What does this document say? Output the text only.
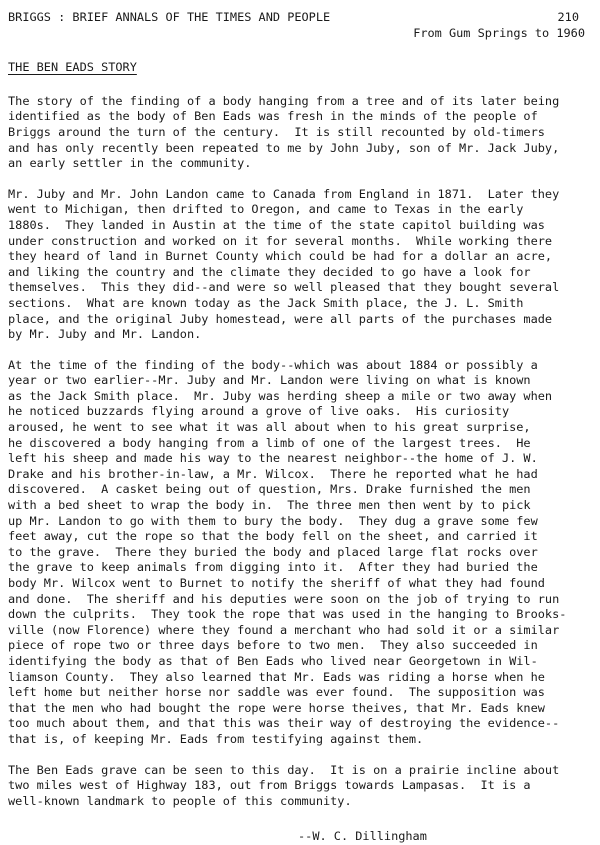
BRIGGS : BRIEF ANNALS OF THE TIMES AND PEOPLE	210
From Gum Springs to 1960
THE BEN EADS STORY
The story of the finding of a body hanging from a tree and of its later being
identified as the body of Ben Eads was fresh in the minds of the people of
Briggs around the turn of the century.  It is still recounted by old-timers
and has only recently been repeated to me by John Juby, son of Mr. Jack Juby,
an early settler in the community.
Mr. Juby and Mr. John Landon came to Canada from England in 1871.  Later they
went to Michigan, then drifted to Oregon, and came to Texas in the early
1880s.  They landed in Austin at the time of the state capitol building was
under construction and worked on it for several months.  While working there
they heard of land in Burnet County which could be had for a dollar an acre,
and liking the country and the climate they decided to go have a look for
themselves.  This they did--and were so well pleased that they bought several
sections.  What are known today as the Jack Smith place, the J. L. Smith
place, and the original Juby homestead, were all parts of the purchases made
by Mr. Juby and Mr. Landon.
At the time of the finding of the body--which was about 1884 or possibly a
year or two earlier--Mr. Juby and Mr. Landon were living on what is known
as the Jack Smith place.  Mr. Juby was herding sheep a mile or two away when
he noticed buzzards flying around a grove of live oaks.  His curiosity
aroused, he went to see what it was all about when to his great surprise,
he discovered a body hanging from a limb of one of the largest trees.  He
left his sheep and made his way to the nearest neighbor--the home of J. W.
Drake and his brother-in-law, a Mr. Wilcox.  There he reported what he had
discovered.  A casket being out of question, Mrs. Drake furnished the men
with a bed sheet to wrap the body in.  The three men then went by to pick
up Mr. Landon to go with them to bury the body.  They dug a grave some few
feet away, cut the rope so that the body fell on the sheet, and carried it
to the grave.  There they buried the body and placed large flat rocks over
the grave to keep animals from digging into it.  After they had buried the
body Mr. Wilcox went to Burnet to notify the sheriff of what they had found
and done.  The sheriff and his deputies were soon on the job of trying to run
down the culprits.  They took the rope that was used in the hanging to Brooks-
ville (now Florence) where they found a merchant who had sold it or a similar
piece of rope two or three days before to two men.  They also succeeded in
identifying the body as that of Ben Eads who lived near Georgetown in Wil-
liamson County.  They also learned that Mr. Eads was riding a horse when he
left home but neither horse nor saddle was ever found.  The supposition was
that the men who had bought the rope were horse theives, that Mr. Eads knew
too much about them, and that this was their way of destroying the evidence--
that is, of keeping Mr. Eads from testifying against them.
The Ben Eads grave can be seen to this day.  It is on a prairie incline about
two miles west of Highway 183, out from Briggs towards Lampasas.  It is a
well-known landmark to people of this community.
--W. C. Dillingham
